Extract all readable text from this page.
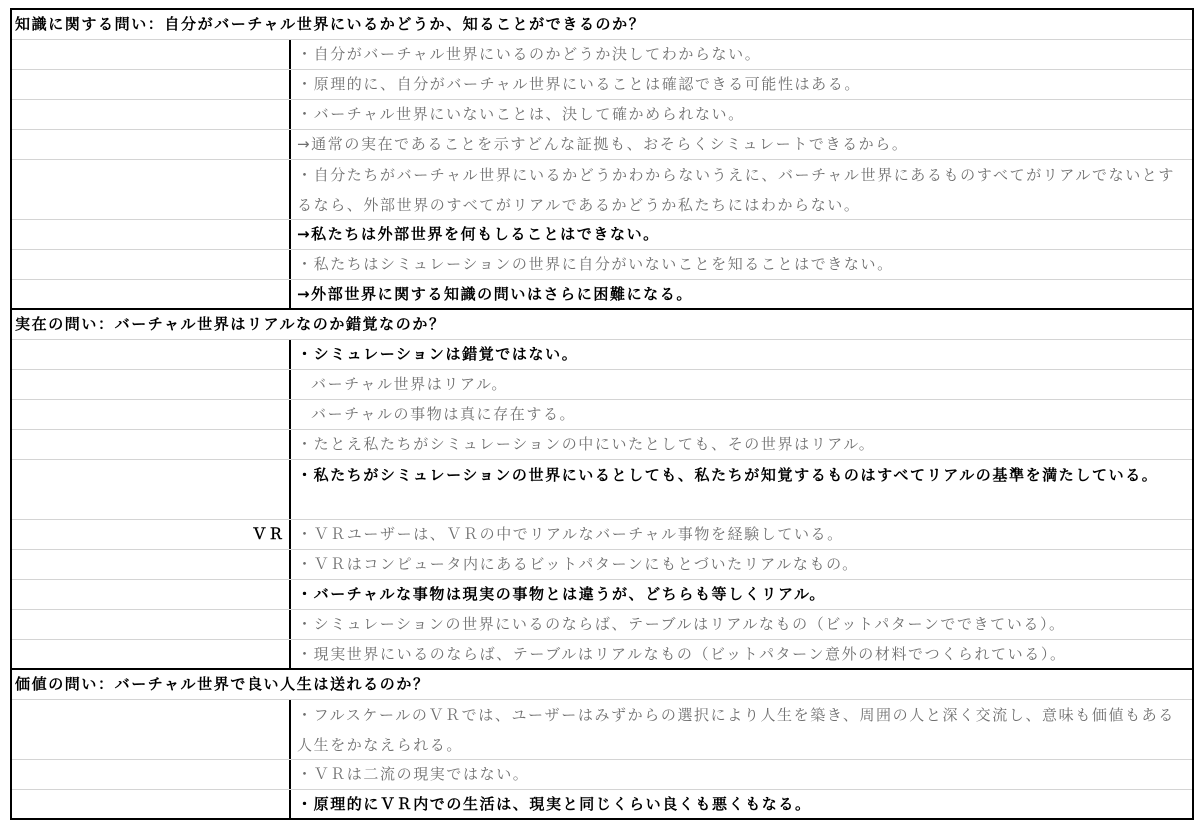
知識に関する問い：自分がバーチャル世界にいるかどうか、知ることができるのか？
・自分がバーチャル世界にいるのかどうか決してわからない。
・原理的に、自分がバーチャル世界にいることは確認できる可能性はある。
・バーチャル世界にいないことは、決して確かめられない。
→通常の実在であることを示すどんな証拠も、おそらくシミュレートできるから。
・自分たちがバーチャル世界にいるかどうかわからないうえに、バーチャル世界にあるものすべてがリアルでないとするなら、外部世界のすべてがリアルであるかどうか私たちにはわからない。
→私たちは外部世界を何もしることはできない。
・私たちはシミュレーションの世界に自分がいないことを知ることはできない。
→外部世界に関する知識の問いはさらに困難になる。
実在の問い：バーチャル世界はリアルなのか錯覚なのか？
・シミュレーションは錯覚ではない。
バーチャル世界はリアル。
バーチャルの事物は真に存在する。
・たとえ私たちがシミュレーションの中にいたとしても、その世界はリアル。
・私たちがシミュレーションの世界にいるとしても、私たちが知覚するものはすべてリアルの基準を満たしている。
ＶＲ ・ＶＲユーザーは、ＶＲの中でリアルなバーチャル事物を経験している。
・ＶＲはコンピュータ内にあるビットパターンにもとづいたリアルなもの。
・バーチャルな事物は現実の事物とは違うが、どちらも等しくリアル。
・シミュレーションの世界にいるのならば、テーブルはリアルなもの（ビットパターンでできている）。
・現実世界にいるのならば、テーブルはリアルなもの（ビットパターン意外の材料でつくられている）。
価値の問い：バーチャル世界で良い人生は送れるのか？
・フルスケールのＶＲでは、ユーザーはみずからの選択により人生を築き、周囲の人と深く交流し、意味も価値もある人生をかなえられる。
・ＶＲは二流の現実ではない。
・原理的にＶＲ内での生活は、現実と同じくらい良くも悪くもなる。
